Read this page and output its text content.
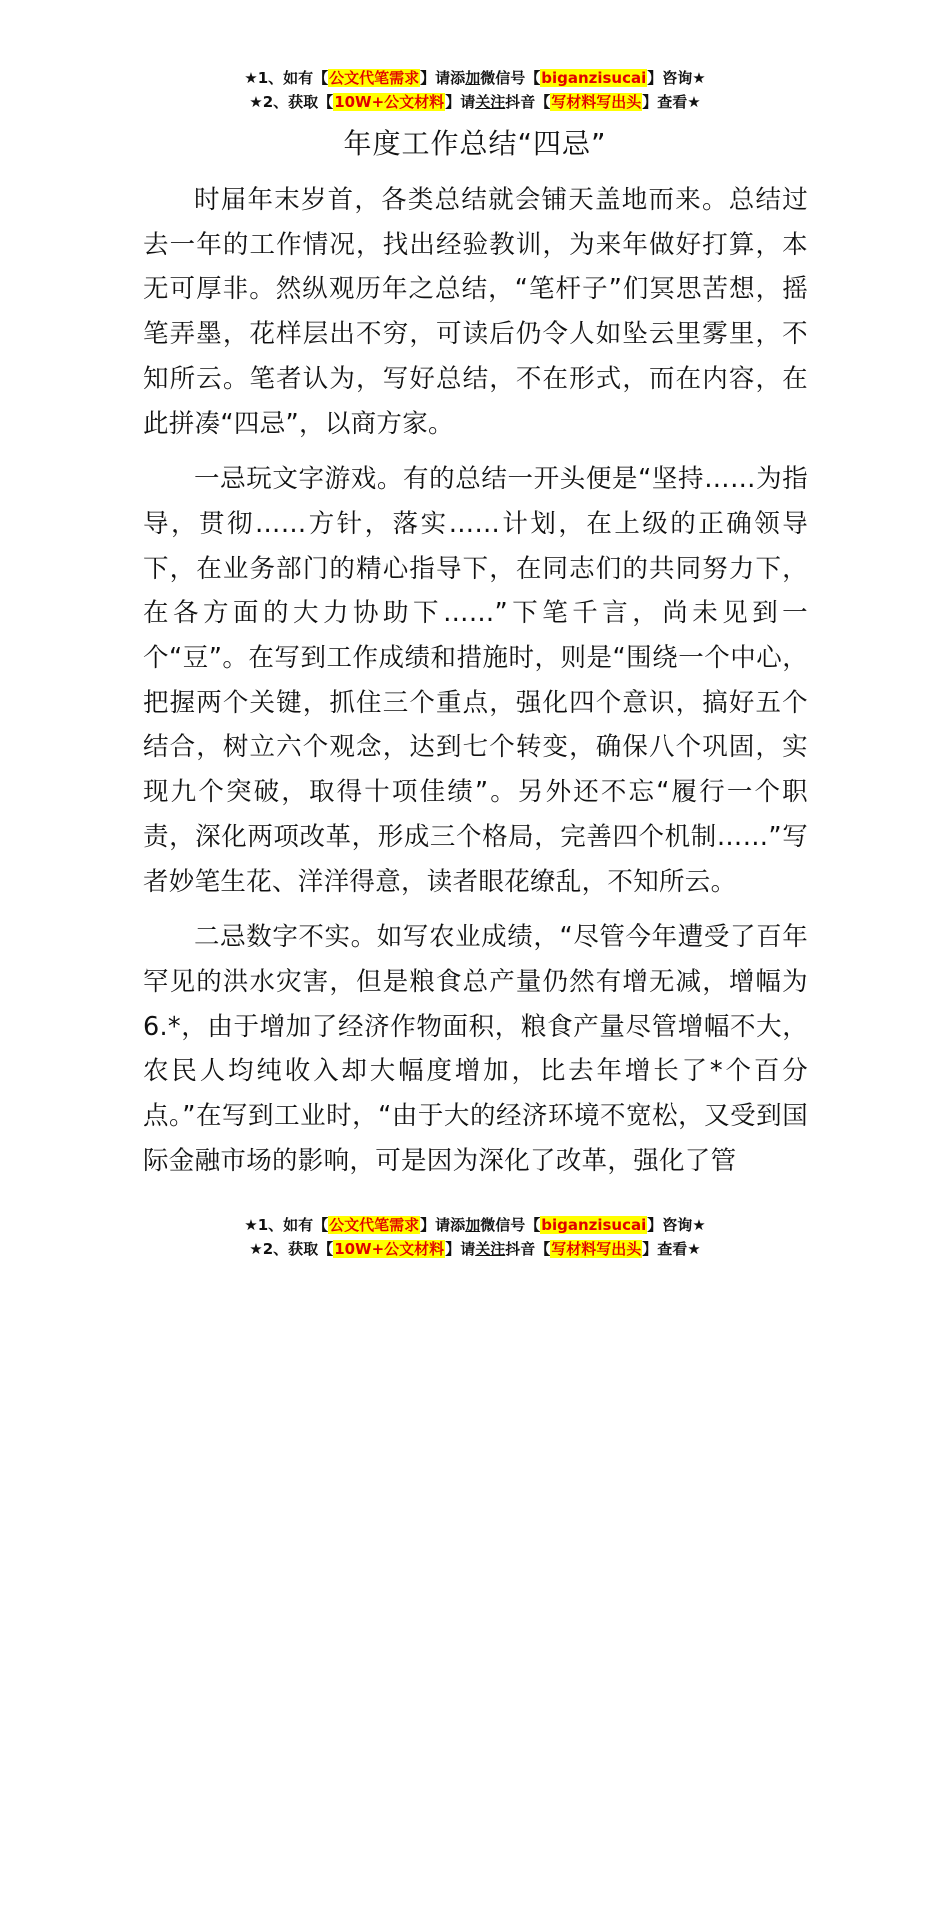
★1、如有【公文代笔需求】请添加微信号【biganzisucai】咨询★
★2、获取【10W+公文材料】请关注抖音【写材料写出头】查看★
年度工作总结“四忌”

时届年末岁首，各类总结就会铺天盖地而来。总结过去一年的工作情况，找出经验教训，为来年做好打算，本无可厚非。然纵观历年之总结，“笔杆子”们冥思苦想，摇笔弄墨，花样层出不穷，可读后仍令人如坠云里雾里，不知所云。笔者认为，写好总结，不在形式，而在内容，在此拼凑“四忌”，以商方家。

一忌玩文字游戏。有的总结一开头便是“坚持……为指导，贯彻……方针，落实……计划，在上级的正确领导下，在业务部门的精心指导下，在同志们的共同努力下，在各方面的大力协助下……”下笔千言，尚未见到一个“豆”。在写到工作成绩和措施时，则是“围绕一个中心，把握两个关键，抓住三个重点，强化四个意识，搞好五个结合，树立六个观念，达到七个转变，确保八个巩固，实现九个突破，取得十项佳绩”。另外还不忘“履行一个职责，深化两项改革，形成三个格局，完善四个机制……”写者妙笔生花、洋洋得意，读者眼花缭乱，不知所云。

二忌数字不实。如写农业成绩，“尽管今年遭受了百年罕见的洪水灾害，但是粮食总产量仍然有增无减，增幅为6.*，由于增加了经济作物面积，粮食产量尽管增幅不大，农民人均纯收入却大幅度增加，比去年增长了*个百分点。”在写到工业时，“由于大的经济环境不宽松，又受到国际金融市场的影响，可是因为深化了改革，强化了管

★1、如有【公文代笔需求】请添加微信号【biganzisucai】咨询★
★2、获取【10W+公文材料】请关注抖音【写材料写出头】查看★
